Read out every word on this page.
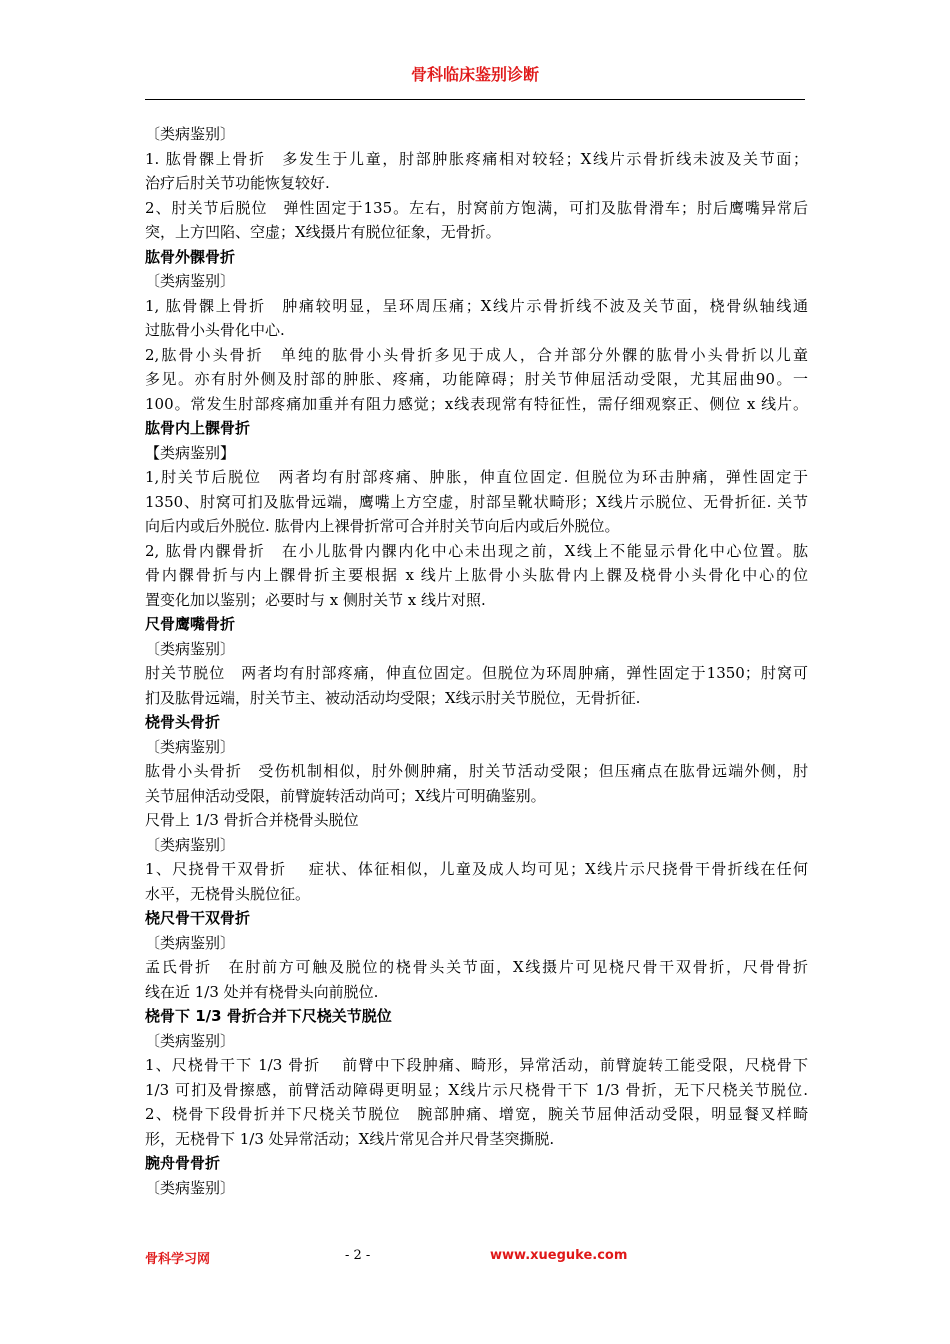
骨科临床鉴别诊断
〔类病鉴别〕
1. 肱骨髁上骨折　多发生于儿童，肘部肿胀疼痛相对较轻；X线片示骨折线未波及关节面；
治疗后肘关节功能恢复较好.
2、肘关节后脱位　弹性固定于135。左右，肘窝前方饱满，可扪及肱骨滑车；肘后鹰嘴异常后
突，上方凹陷、空虚；X线摄片有脱位征象，无骨折。
肱骨外髁骨折
〔类病鉴别〕
1, 肱骨髁上骨折　肿痛较明显，呈环周压痛；X线片示骨折线不波及关节面，桡骨纵轴线通
过肱骨小头骨化中心.
2,肱骨小头骨折　单纯的肱骨小头骨折多见于成人，合并部分外髁的肱骨小头骨折以儿童
多见。亦有肘外侧及肘部的肿胀、疼痛，功能障碍；肘关节伸屈活动受限，尤其屈曲90。一
100。常发生肘部疼痛加重并有阻力感觉；x线表现常有特征性，需仔细观察正、侧位 x 线片。
肱骨内上髁骨折
【类病鉴别】
1,肘关节后脱位　两者均有肘部疼痛、肿胀，伸直位固定. 但脱位为环击肿痛，弹性固定于
1350、肘窝可扪及肱骨远端，鹰嘴上方空虚，肘部呈靴状畸形；X线片示脱位、无骨折征. 关节
向后内或后外脱位. 肱骨内上裸骨折常可合并肘关节向后内或后外脱位。
2, 肱骨内髁骨折　在小儿肱骨内髁内化中心未出现之前，X线上不能显示骨化中心位置。肱
骨内髁骨折与内上髁骨折主要根据 x 线片上肱骨小头肱骨内上髁及桡骨小头骨化中心的位
置变化加以鉴别；必要时与 x 侧肘关节 x 线片对照.
尺骨鹰嘴骨折
〔类病鉴别〕
肘关节脱位　两者均有肘部疼痛，伸直位固定。但脱位为环周肿痛，弹性固定于1350；肘窝可
扪及肱骨远端，肘关节主、被动活动均受限；X线示肘关节脱位，无骨折征.
桡骨头骨折
〔类病鉴别〕
肱骨小头骨折　受伤机制相似，肘外侧肿痛，肘关节活动受限；但压痛点在肱骨远端外侧，肘
关节屈伸活动受限，前臂旋转活动尚可；X线片可明确鉴别。
尺骨上 1/3 骨折合并桡骨头脱位
〔类病鉴别〕
1、尺挠骨干双骨折　 症状、体征相似，儿童及成人均可见；X线片示尺挠骨干骨折线在任何
水平，无桡骨头脱位征。
桡尺骨干双骨折
〔类病鉴别〕
孟氏骨折　在肘前方可触及脱位的桡骨头关节面，X线摄片可见桡尺骨干双骨折，尺骨骨折
线在近 1/3 处并有桡骨头向前脱位.
桡骨下 1/3 骨折合并下尺桡关节脱位
〔类病鉴别〕
1、尺桡骨干下 1/3 骨折　 前臂中下段肿痛、畸形，异常活动，前臂旋转工能受限，尺桡骨下
1/3 可扪及骨擦感，前臂活动障碍更明显；X线片示尺桡骨干下 1/3 骨折，无下尺桡关节脱位.
2、桡骨下段骨折并下尺桡关节脱位　腕部肿痛、增宽，腕关节屈伸活动受限，明显餐叉样畸
形，无桡骨下 1/3 处异常活动；X线片常见合并尺骨茎突撕脱.
腕舟骨骨折
〔类病鉴别〕
骨科学习网	- 2 -	www.xueguke.com
